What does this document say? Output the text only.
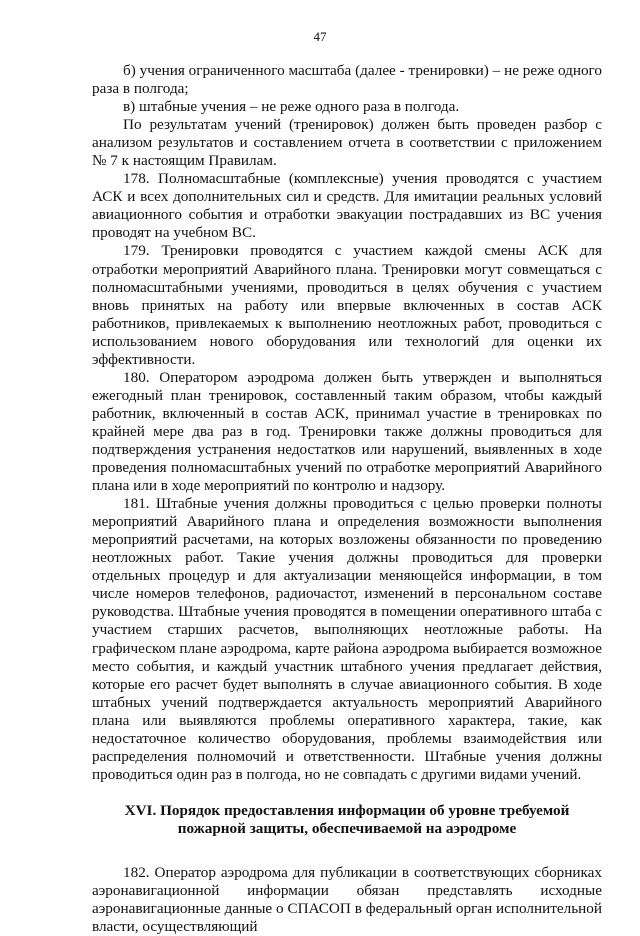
47

б) учения ограниченного масштаба (далее - тренировки) – не реже одного раза в полгода;

в) штабные учения – не реже одного раза в полгода.

По результатам учений (тренировок) должен быть проведен разбор с анализом результатов и составлением отчета в соответствии с приложением № 7 к настоящим Правилам.

178. Полномасштабные (комплексные) учения проводятся с участием АСК и всех дополнительных сил и средств. Для имитации реальных условий авиационного события и отработки эвакуации пострадавших из ВС учения проводят на учебном ВС.

179. Тренировки проводятся с участием каждой смены АСК для отработки мероприятий Аварийного плана. Тренировки могут совмещаться с полномасштабными учениями, проводиться в целях обучения с участием вновь принятых на работу или впервые включенных в состав АСК работников, привлекаемых к выполнению неотложных работ, проводиться с использованием нового оборудования или технологий для оценки их эффективности.

180. Оператором аэродрома должен быть утвержден и выполняться ежегодный план тренировок, составленный таким образом, чтобы каждый работник, включенный в состав АСК, принимал участие в тренировках по крайней мере два раз в год. Тренировки также должны проводиться для подтверждения устранения недостатков или нарушений, выявленных в ходе проведения полномасштабных учений по отработке мероприятий Аварийного плана или в ходе мероприятий по контролю и надзору.

181. Штабные учения должны проводиться с целью проверки полноты мероприятий Аварийного плана и определения возможности выполнения мероприятий расчетами, на которых возложены обязанности по проведению неотложных работ. Такие учения должны проводиться для проверки отдельных процедур и для актуализации меняющейся информации, в том числе номеров телефонов, радиочастот, изменений в персональном составе руководства. Штабные учения проводятся в помещении оперативного штаба с участием старших расчетов, выполняющих неотложные работы. На графическом плане аэродрома, карте района аэродрома выбирается возможное место события, и каждый участник штабного учения предлагает действия, которые его расчет будет выполнять в случае авиационного события. В ходе штабных учений подтверждается актуальность мероприятий Аварийного плана или выявляются проблемы оперативного характера, такие, как недостаточное количество оборудования, проблемы взаимодействия или распределения полномочий и ответственности. Штабные учения должны проводиться один раз в полгода, но не совпадать с другими видами учений.

XVI. Порядок предоставления информации об уровне требуемой пожарной защиты, обеспечиваемой на аэродроме

182. Оператор аэродрома для публикации в соответствующих сборниках аэронавигационной информации обязан представлять исходные аэронавигационные данные о СПАСОП в федеральный орган исполнительной власти, осуществляющий
